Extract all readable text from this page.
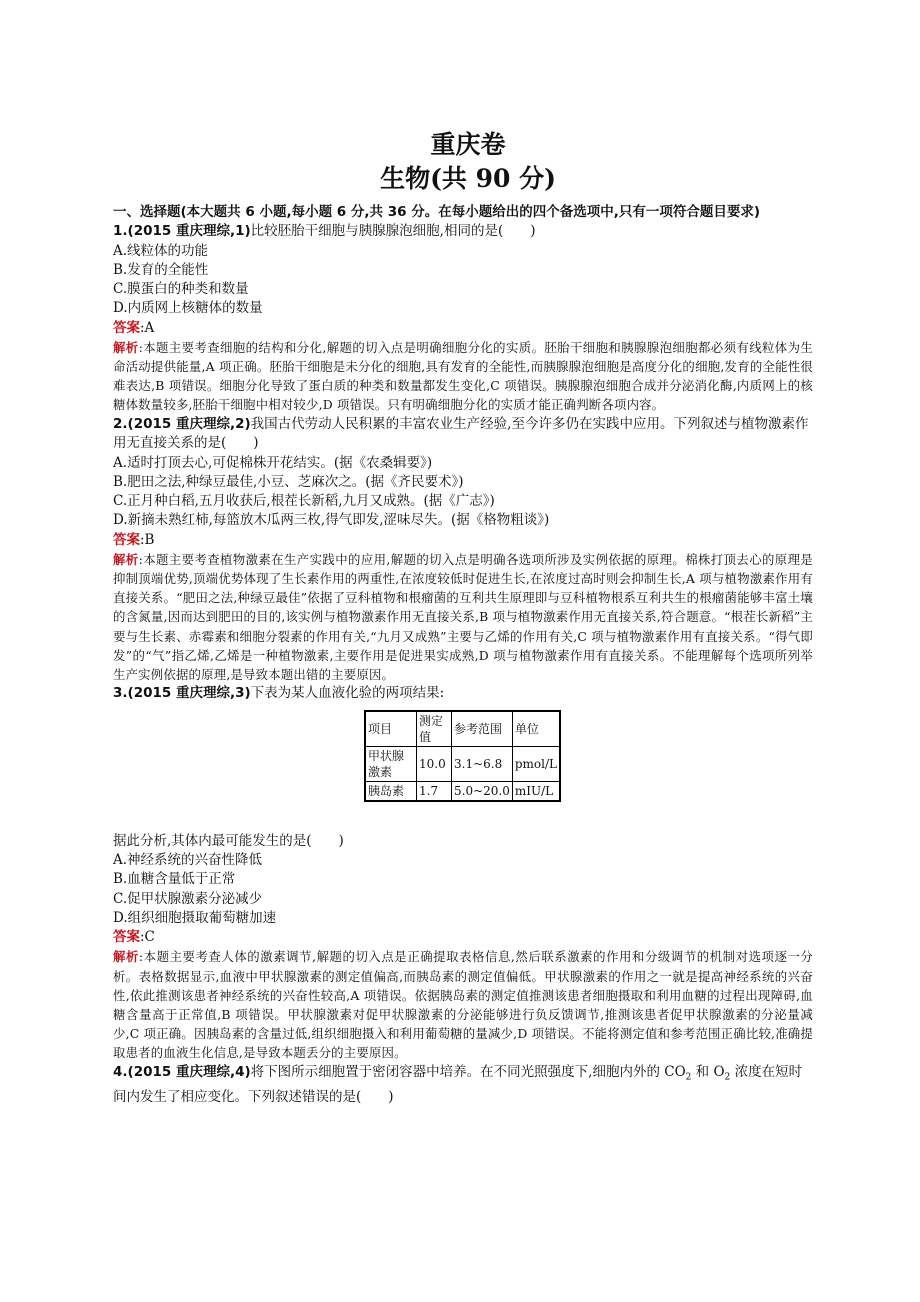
重庆卷
生物(共 90 分)
一、选择题(本大题共 6 小题,每小题 6 分,共 36 分。在每小题给出的四个备选项中,只有一项符合题目要求)
1.(2015 重庆理综,1)比较胚胎干细胞与胰腺腺泡细胞,相同的是(　　)
A.线粒体的功能
B.发育的全能性
C.膜蛋白的种类和数量
D.内质网上核糖体的数量
答案:A
解析:本题主要考查细胞的结构和分化,解题的切入点是明确细胞分化的实质。胚胎干细胞和胰腺腺泡细胞都必须有线粒体为生命活动提供能量,A 项正确。胚胎干细胞是未分化的细胞,具有发育的全能性,而胰腺腺泡细胞是高度分化的细胞,发育的全能性很难表达,B 项错误。细胞分化导致了蛋白质的种类和数量都发生变化,C 项错误。胰腺腺泡细胞合成并分泌消化酶,内质网上的核糖体数量较多,胚胎干细胞中相对较少,D 项错误。只有明确细胞分化的实质才能正确判断各项内容。
2.(2015 重庆理综,2)我国古代劳动人民积累的丰富农业生产经验,至今许多仍在实践中应用。下列叙述与植物激素作用无直接关系的是(　　)
A.适时打顶去心,可促棉株开花结实。(据《农桑辑要》)
B.肥田之法,种绿豆最佳,小豆、芝麻次之。(据《齐民要术》)
C.正月种白稻,五月收获后,根茬长新稻,九月又成熟。(据《广志》)
D.新摘未熟红柿,每篮放木瓜两三枚,得气即发,涩味尽失。(据《格物粗谈》)
答案:B
解析:本题主要考查植物激素在生产实践中的应用,解题的切入点是明确各选项所涉及实例依据的原理。棉株打顶去心的原理是抑制顶端优势,顶端优势体现了生长素作用的两重性,在浓度较低时促进生长,在浓度过高时则会抑制生长,A 项与植物激素作用有直接关系。“肥田之法,种绿豆最佳”依据了豆科植物和根瘤菌的互利共生原理即与豆科植物根系互利共生的根瘤菌能够丰富土壤的含氮量,因而达到肥田的目的,该实例与植物激素作用无直接关系,B 项与植物激素作用无直接关系,符合题意。“根茬长新稻”主要与生长素、赤霉素和细胞分裂素的作用有关,“九月又成熟”主要与乙烯的作用有关,C 项与植物激素作用有直接关系。“得气即发”的“气”指乙烯,乙烯是一种植物激素,主要作用是促进果实成熟,D 项与植物激素作用有直接关系。不能理解每个选项所列举生产实例依据的原理,是导致本题出错的主要原因。
3.(2015 重庆理综,3)下表为某人血液化验的两项结果:
项目	测定值	参考范围	单位
甲状腺激素	10.0	3.1~6.8	pmol/L
胰岛素	1.7	5.0~20.0	mIU/L
据此分析,其体内最可能发生的是(　　)
A.神经系统的兴奋性降低
B.血糖含量低于正常
C.促甲状腺激素分泌减少
D.组织细胞摄取葡萄糖加速
答案:C
解析:本题主要考查人体的激素调节,解题的切入点是正确提取表格信息,然后联系激素的作用和分级调节的机制对选项逐一分析。表格数据显示,血液中甲状腺激素的测定值偏高,而胰岛素的测定值偏低。甲状腺激素的作用之一就是提高神经系统的兴奋性,依此推测该患者神经系统的兴奋性较高,A 项错误。依据胰岛素的测定值推测该患者细胞摄取和利用血糖的过程出现障碍,血糖含量高于正常值,B 项错误。甲状腺激素对促甲状腺激素的分泌能够进行负反馈调节,推测该患者促甲状腺激素的分泌量减少,C 项正确。因胰岛素的含量过低,组织细胞摄入和利用葡萄糖的量减少,D 项错误。不能将测定值和参考范围正确比较,准确提取患者的血液生化信息,是导致本题丢分的主要原因。
4.(2015 重庆理综,4)将下图所示细胞置于密闭容器中培养。在不同光照强度下,细胞内外的 $CO_2$ 和 $O_2$ 浓度在短时间内发生了相应变化。下列叙述错误的是(　　)
